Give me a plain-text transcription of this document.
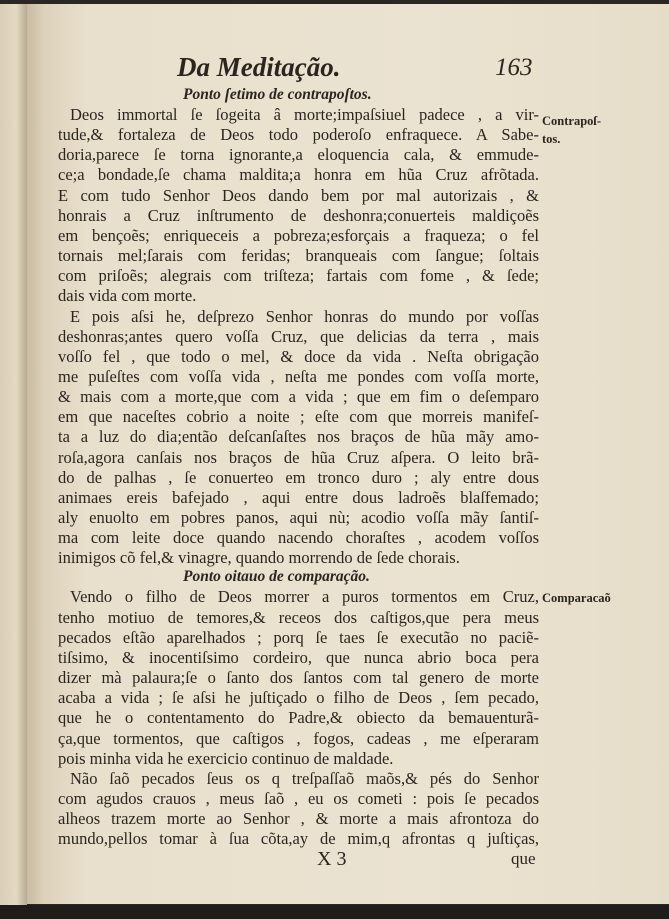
Da Meditação.	163
Ponto ſetimo de contrapoſtos.
Contrapoſ-
tos.
Ponto oitauo de comparação.
Comparacaõ
Deos immortal ſe ſogeita â morte;impaſsiuel padece , a vir-
tude,& fortaleza de Deos todo poderoſo enfraquece. A Sabe-
doria,parece ſe torna ignorante,a eloquencia cala, & emmude-
ce;a bondade,ſe chama maldita;a honra em hũa Cruz afrõtada.
E com tudo Senhor Deos dando bem por mal autorizais , &
honrais a Cruz inſtrumento de deshonra;conuerteis maldiçoẽs
em bençoẽs; enriqueceis a pobreza;esforçais a fraqueza; o fel
tornais mel;ſarais com feridas; branqueais com ſangue; ſoltais
com priſoẽs; alegrais com triſteza; fartais com fome , & ſede;
dais vida com morte.
E pois aſsi he, deſprezo Senhor honras do mundo por voſſas
deshonras;antes quero voſſa Cruz, que delicias da terra , mais
voſſo fel , que todo o mel, & doce da vida . Neſta obrigação
me puſeſtes com voſſa vida , neſta me pondes com voſſa morte,
& mais com a morte,que com a vida ; que em fim o deſemparo
em que naceſtes cobrio a noite ; eſte com que morreis manifeſ-
ta a luz do dia;então deſcanſaſtes nos braços de hũa mãy amo-
roſa,agora canſais nos braços de hũa Cruz aſpera. O leito brã-
do de palhas , ſe conuerteo em tronco duro ; aly entre dous
animaes ereis bafejado , aqui entre dous ladroẽs blaſfemado;
aly enuolto em pobres panos, aqui nù; acodio voſſa mãy ſantiſ-
ma com leite doce quando nacendo choraſtes , acodem voſſos
inimigos cõ fel,& vinagre, quando morrendo de ſede chorais.
Vendo o filho de Deos morrer a puros tormentos em Cruz,
tenho motiuo de temores,& receos dos caſtigos,que pera meus
pecados eſtão aparelhados ; porq ſe taes ſe executão no paciẽ-
tiſsimo, & inocentiſsimo cordeiro, que nunca abrio boca pera
dizer mà palaura;ſe o ſanto dos ſantos com tal genero de morte
acaba a vida ; ſe aſsi he juſtiçado o filho de Deos , ſem pecado,
que he o contentamento do Padre,& obiecto da bemauenturã-
ça,que tormentos, que caſtigos , fogos, cadeas , me eſperaram
pois minha vida he exercicio continuo de maldade.
Não ſaõ pecados ſeus os q treſpaſſaõ maõs,& pés do Senhor
com agudos crauos , meus ſaõ , eu os cometi : pois ſe pecados
alheos trazem morte ao Senhor , & morte a mais afrontoza do
mundo,pellos tomar à ſua cõta,ay de mim,q afrontas q juſtiças,
X 3	que
